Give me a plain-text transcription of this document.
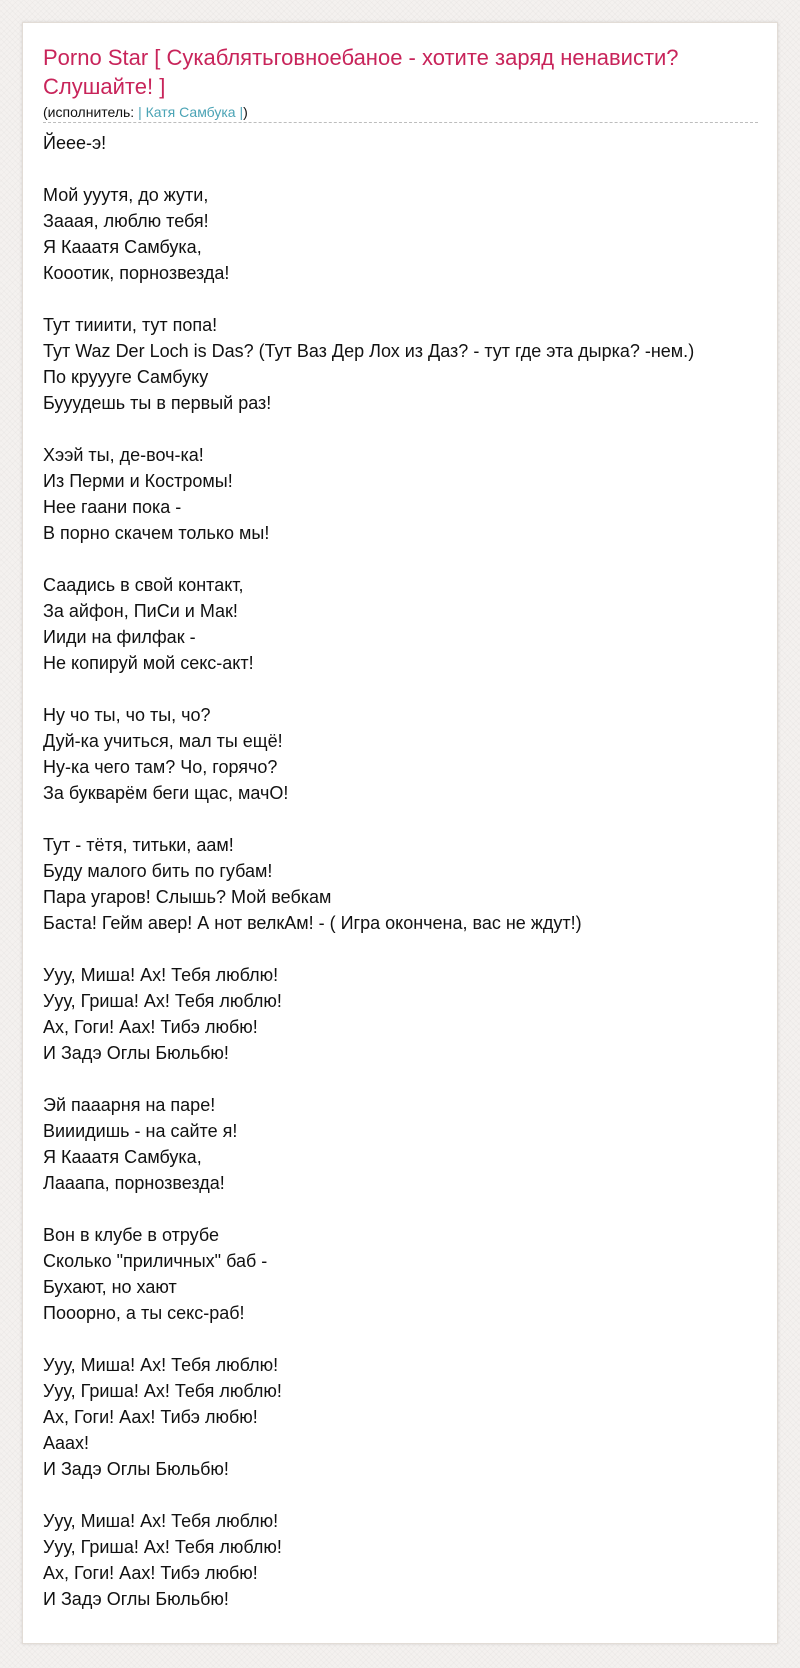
Porno Star [ Сукаблятьговноебаное - хотите заряд ненависти? Слушайте! ]
(исполнитель: | Катя Самбука |)
Йеее-э!
Мой ууутя, до жути,
Зааая, люблю тебя!
Я Кааатя Самбука,
Кооотик, порнозвезда!
Тут тииити, тут попа!
Тут Waz Der Loch is Das? (Тут Ваз Дер Лох из Даз? - тут где эта дырка? -нем.)
По круууге Самбуку
Бууудешь ты в первый раз!
Хээй ты, де-воч-ка!
Из Перми и Костромы!
Нее гаани пока -
В порно скачем только мы!
Саадись в свой контакт,
За айфон, ПиСи и Мак!
Ииди на филфак -
Не копируй мой секс-акт!
Ну чо ты, чо ты, чо?
Дуй-ка учиться, мал ты ещё!
Ну-ка чего там? Чо, горячо?
За букварём беги щас, мачО!
Тут - тётя, титьки, аам!
Буду малого бить по губам!
Пара угаров! Слышь? Мой вебкам
Баста! Гейм авер! А нот велкАм! - ( Игра окончена, вас не ждут!)
Ууу, Миша! Ах! Тебя люблю!
Ууу, Гриша! Ах! Тебя люблю!
Ах, Гоги! Аах! Тибэ любю!
И Задэ Оглы Бюльбю!
Эй пааарня на паре!
Вииидишь - на сайте я!
Я Кааатя Самбука,
Лааапа, порнозвезда!
Вон в клубе в отрубе
Сколько "приличных" баб -
Бухают, но хают
Пооорно, а ты секс-раб!
Ууу, Миша! Ах! Тебя люблю!
Ууу, Гриша! Ах! Тебя люблю!
Ах, Гоги! Аах! Тибэ любю!
Аaах!
И Задэ Оглы Бюльбю!
Ууу, Миша! Ах! Тебя люблю!
Ууу, Гриша! Ах! Тебя люблю!
Ах, Гоги! Аах! Тибэ любю!
И Задэ Оглы Бюльбю!
